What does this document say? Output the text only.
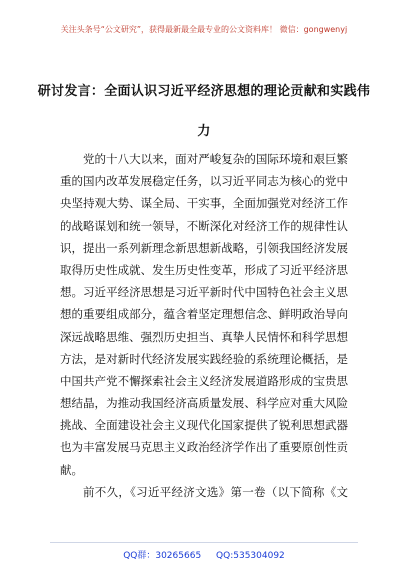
关注头条号“公文研究”，获得最新最全最专业的公文资料库！ 微信：gongwenyj
研讨发言：全面认识习近平经济思想的理论贡献和实践伟
力
党的十八大以来，面对严峻复杂的国际环境和艰巨繁
重的国内改革发展稳定任务，以习近平同志为核心的党中
央坚持观大势、谋全局、干实事，全面加强党对经济工作
的战略谋划和统一领导，不断深化对经济工作的规律性认
识，提出一系列新理念新思想新战略，引领我国经济发展
取得历史性成就、发生历史性变革，形成了习近平经济思
想。习近平经济思想是习近平新时代中国特色社会主义思
想的重要组成部分，蕴含着坚定理想信念、鲜明政治导向
深远战略思维、强烈历史担当、真挚人民情怀和科学思想
方法，是对新时代经济发展实践经验的系统理论概括，是
中国共产党不懈探索社会主义经济发展道路形成的宝贵思
想结晶，为推动我国经济高质量发展、科学应对重大风险
挑战、全面建设社会主义现代化国家提供了锐利思想武器
也为丰富发展马克思主义政治经济学作出了重要原创性贡
献。
前不久，《习近平经济文选》第一卷（以下简称《文
QQ群：30265665 QQ:535304092
